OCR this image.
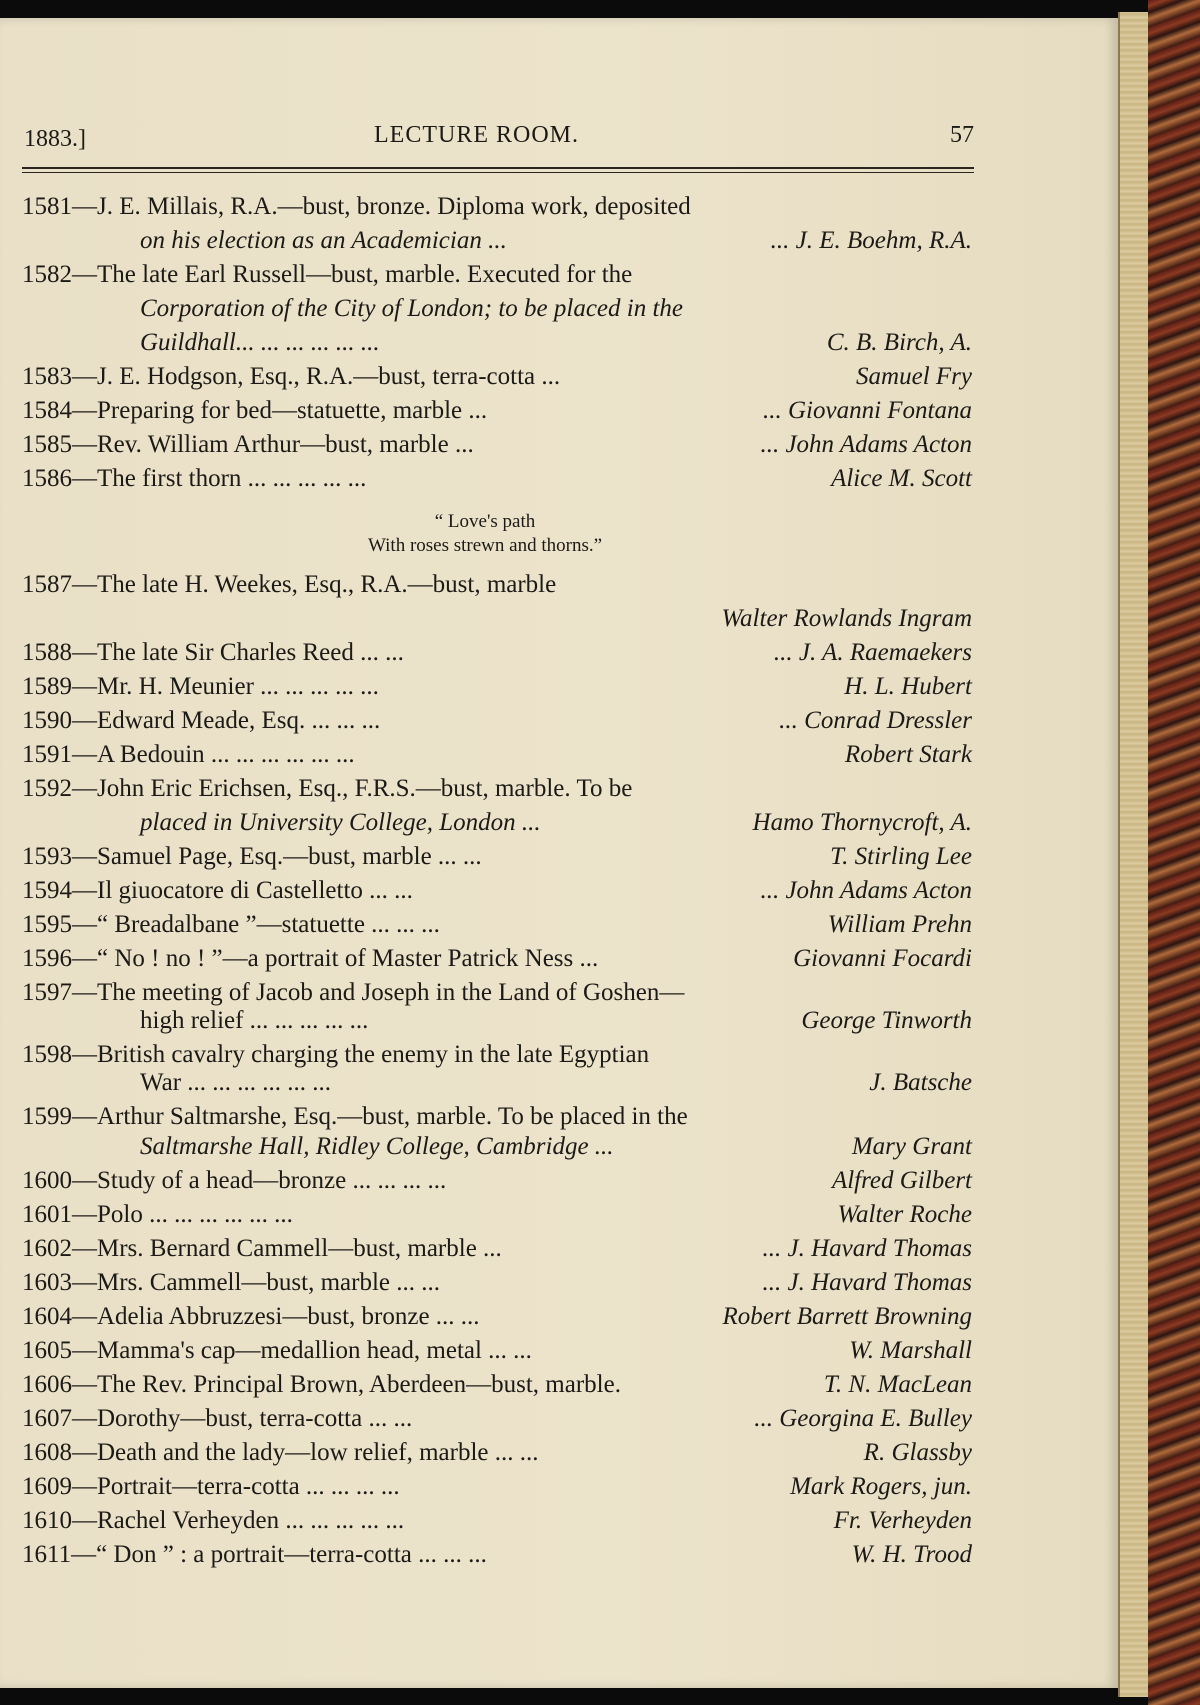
1883.]	LECTURE ROOM.	57
1581—J. E. Millais, R.A.—bust, bronze. Diploma work, deposited
on his election as an Academician ...	... J. E. Boehm, R.A.
1582—The late Earl Russell—bust, marble. Executed for the
Corporation of the City of London; to be placed in the
Guildhall... ... ... ... ... ...	C. B. Birch, A.
1583—J. E. Hodgson, Esq., R.A.—bust, terra-cotta ...	Samuel Fry
1584—Preparing for bed—statuette, marble ...	... Giovanni Fontana
1585—Rev. William Arthur—bust, marble ...	... John Adams Acton
1586—The first thorn ... ... ... ... ...	Alice M. Scott
“ Love's path
With roses strewn and thorns.”
1587—The late H. Weekes, Esq., R.A.—bust, marble
Walter Rowlands Ingram
1588—The late Sir Charles Reed ... ...	... J. A. Raemaekers
1589—Mr. H. Meunier ... ... ... ... ...	H. L. Hubert
1590—Edward Meade, Esq. ... ... ...	... Conrad Dressler
1591—A Bedouin ... ... ... ... ... ...	Robert Stark
1592—John Eric Erichsen, Esq., F.R.S.—bust, marble. To be
placed in University College, London ...	Hamo Thornycroft, A.
1593—Samuel Page, Esq.—bust, marble ... ...	T. Stirling Lee
1594—Il giuocatore di Castelletto ... ...	... John Adams Acton
1595—“ Breadalbane ”—statuette ... ... ...	William Prehn
1596—“ No ! no ! ”—a portrait of Master Patrick Ness ...	Giovanni Focardi
1597—The meeting of Jacob and Joseph in the Land of Goshen—
high relief ... ... ... ... ...	George Tinworth
1598—British cavalry charging the enemy in the late Egyptian
War ... ... ... ... ... ...	J. Batsche
1599—Arthur Saltmarshe, Esq.—bust, marble. To be placed in the
Saltmarshe Hall, Ridley College, Cambridge ...	Mary Grant
1600—Study of a head—bronze ... ... ... ...	Alfred Gilbert
1601—Polo ... ... ... ... ... ...	Walter Roche
1602—Mrs. Bernard Cammell—bust, marble ...	... J. Havard Thomas
1603—Mrs. Cammell—bust, marble ... ...	... J. Havard Thomas
1604—Adelia Abbruzzesi—bust, bronze ... ...	Robert Barrett Browning
1605—Mamma's cap—medallion head, metal ... ...	W. Marshall
1606—The Rev. Principal Brown, Aberdeen—bust, marble.	T. N. MacLean
1607—Dorothy—bust, terra-cotta ... ...	... Georgina E. Bulley
1608—Death and the lady—low relief, marble ... ...	R. Glassby
1609—Portrait—terra-cotta ... ... ... ...	Mark Rogers, jun.
1610—Rachel Verheyden ... ... ... ... ...	Fr. Verheyden
1611—“ Don ” : a portrait—terra-cotta ... ... ...	W. H. Trood
